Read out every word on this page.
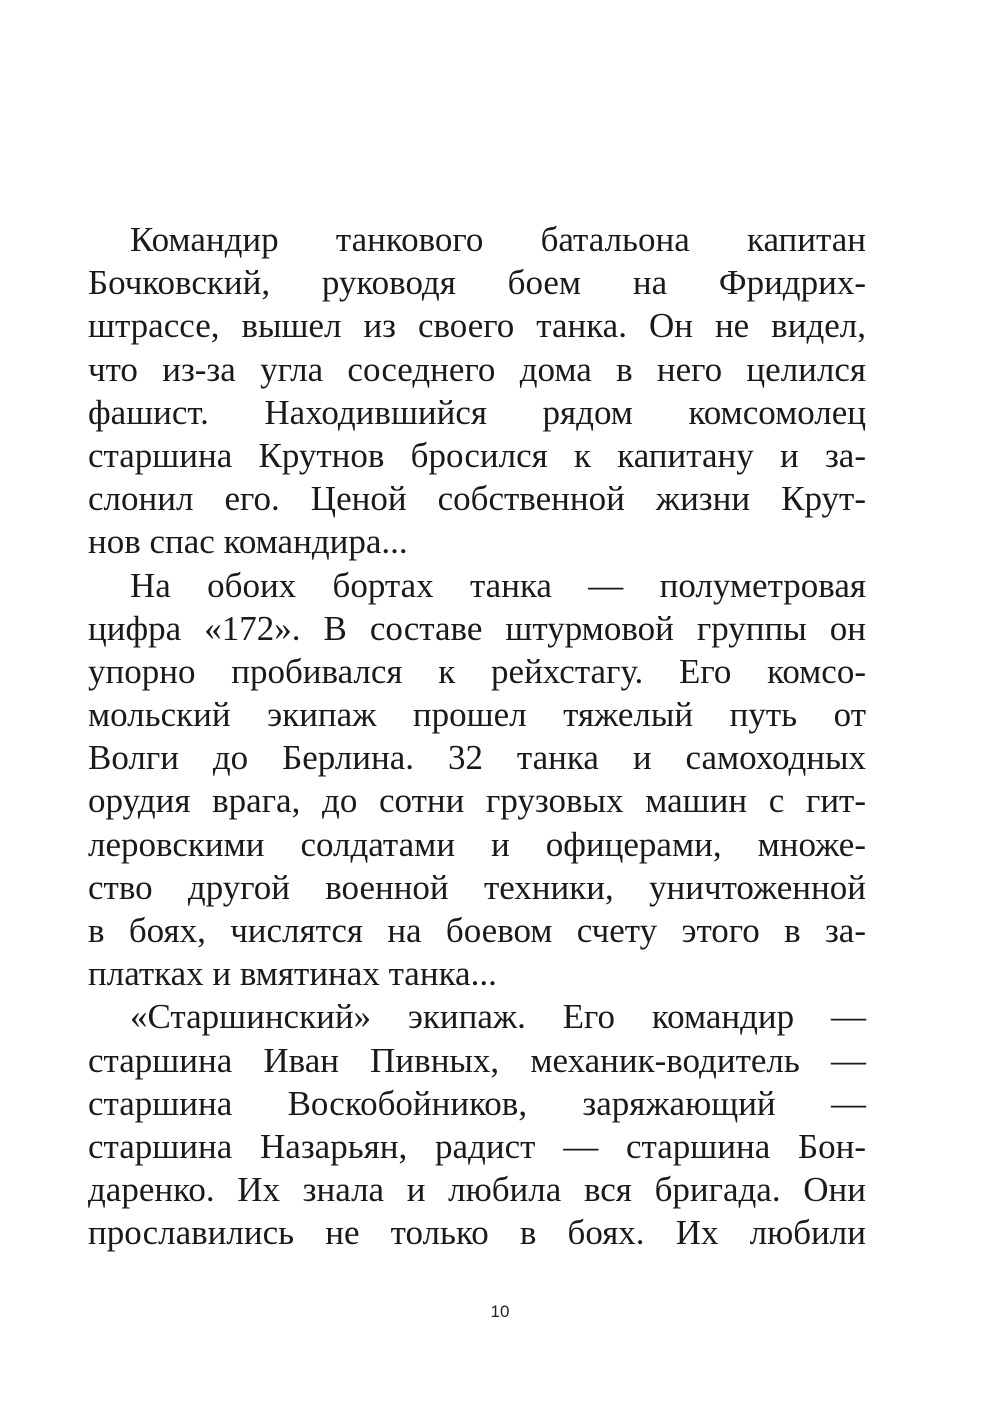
Командир танкового батальона капитан
Бочковский, руководя боем на Фридрих-
штрассе, вышел из своего танка. Он не видел,
что из-за угла соседнего дома в него целился
фашист. Находившийся рядом комсомолец
старшина Крутнов бросился к капитану и за-
слонил его. Ценой собственной жизни Крут-
нов спас командира...
На обоих бортах танка — полуметровая
цифра «172». В составе штурмовой группы он
упорно пробивался к рейхстагу. Его комсо-
мольский экипаж прошел тяжелый путь от
Волги до Берлина. 32 танка и самоходных
орудия врага, до сотни грузовых машин с гит-
леровскими солдатами и офицерами, множе-
ство другой военной техники, уничтоженной
в боях, числятся на боевом счету этого в за-
платках и вмятинах танка...
«Старшинский» экипаж. Его командир —
старшина Иван Пивных, механик-водитель —
старшина Воскобойников, заряжающий —
старшина Назарьян, радист — старшина Бон-
даренко. Их знала и любила вся бригада. Они
прославились не только в боях. Их любили
10
